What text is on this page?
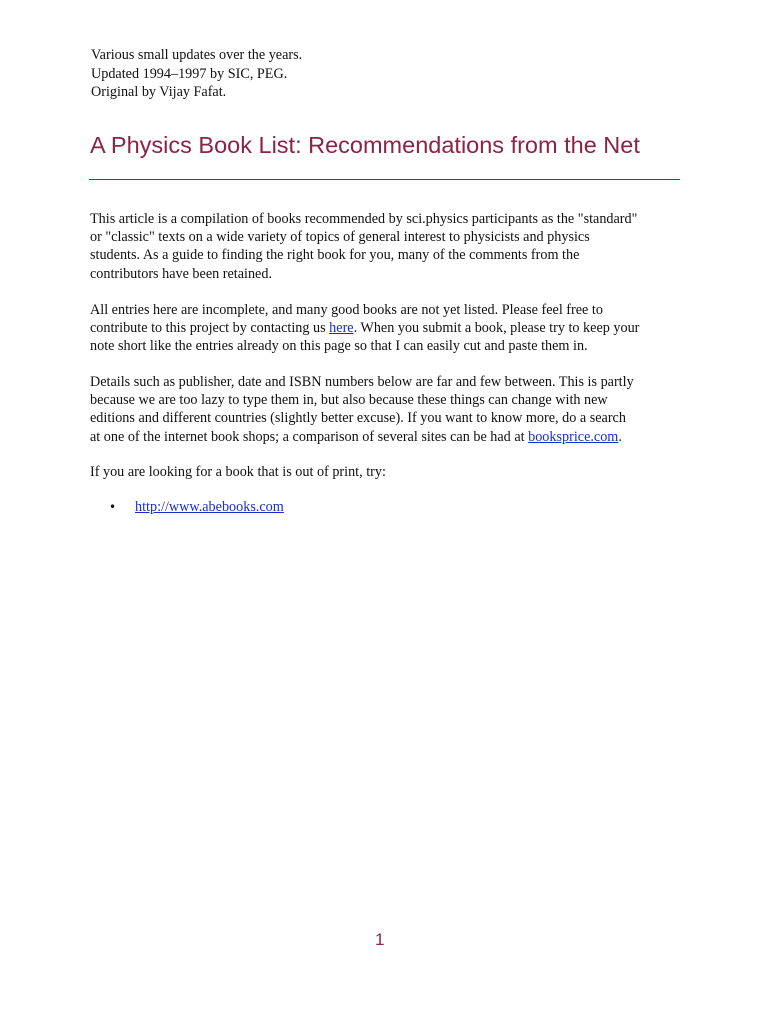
Various small updates over the years.
Updated 1994–1997 by SIC, PEG.
Original by Vijay Fafat.
A Physics Book List: Recommendations from the Net

This article is a compilation of books recommended by sci.physics participants as the "standard"
or "classic" texts on a wide variety of topics of general interest to physicists and physics
students. As a guide to finding the right book for you, many of the comments from the
contributors have been retained.

All entries here are incomplete, and many good books are not yet listed. Please feel free to
contribute to this project by contacting us here. When you submit a book, please try to keep your
note short like the entries already on this page so that I can easily cut and paste them in.

Details such as publisher, date and ISBN numbers below are far and few between. This is partly
because we are too lazy to type them in, but also because these things can change with new
editions and different countries (slightly better excuse). If you want to know more, do a search
at one of the internet book shops; a comparison of several sites can be had at booksprice.com.

If you are looking for a book that is out of print, try:

• http://www.abebooks.com
1
